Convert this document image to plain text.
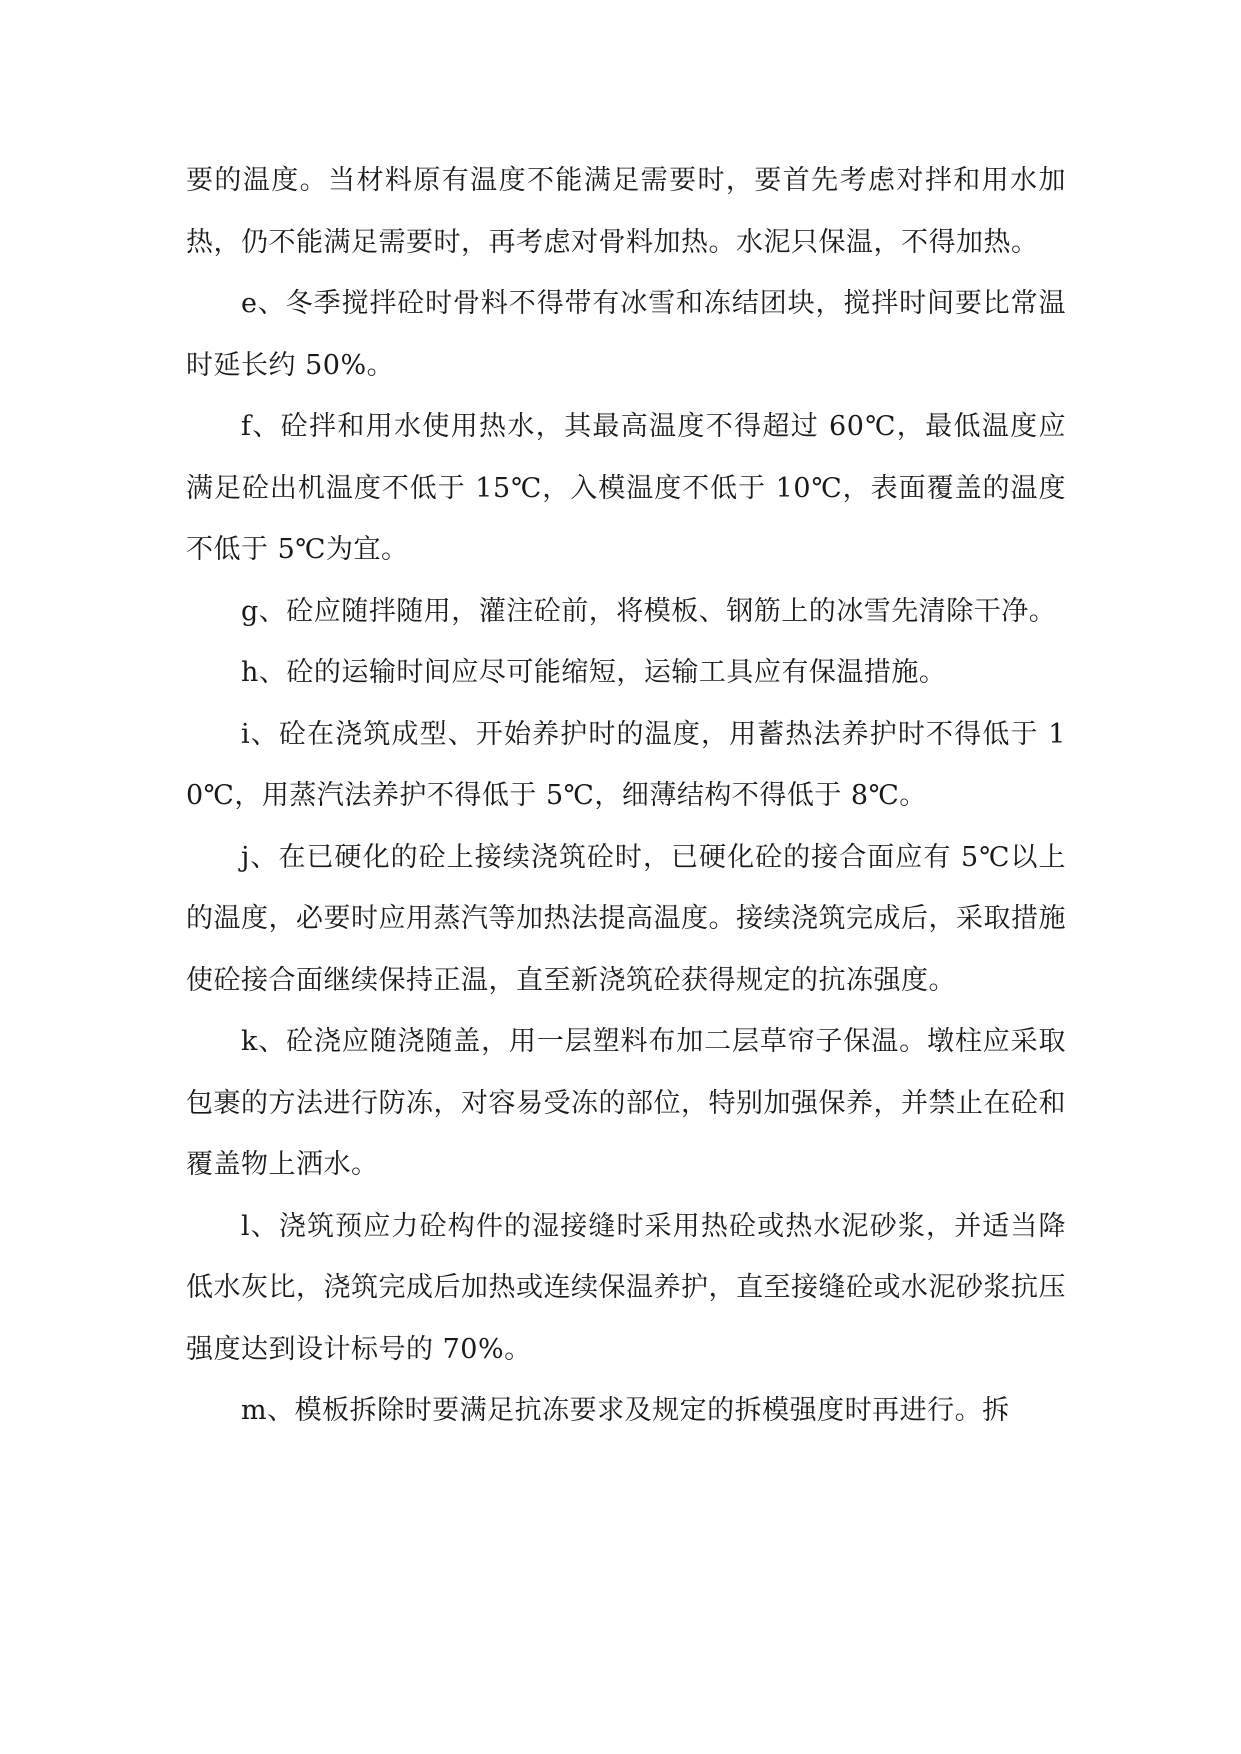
要的温度。当材料原有温度不能满足需要时，要首先考虑对拌和用水加热，仍不能满足需要时，再考虑对骨料加热。水泥只保温，不得加热。

e、冬季搅拌砼时骨料不得带有冰雪和冻结团块，搅拌时间要比常温时延长约 50%。

f、砼拌和用水使用热水，其最高温度不得超过 60℃，最低温度应满足砼出机温度不低于 15℃，入模温度不低于 10℃，表面覆盖的温度不低于 5℃为宜。

g、砼应随拌随用，灌注砼前，将模板、钢筋上的冰雪先清除干净。

h、砼的运输时间应尽可能缩短，运输工具应有保温措施。

i、砼在浇筑成型、开始养护时的温度，用蓄热法养护时不得低于 10℃，用蒸汽法养护不得低于 5℃，细薄结构不得低于 8℃。

j、在已硬化的砼上接续浇筑砼时，已硬化砼的接合面应有 5℃以上的温度，必要时应用蒸汽等加热法提高温度。接续浇筑完成后，采取措施使砼接合面继续保持正温，直至新浇筑砼获得规定的抗冻强度。

k、砼浇应随浇随盖，用一层塑料布加二层草帘子保温。墩柱应采取包裹的方法进行防冻，对容易受冻的部位，特别加强保养，并禁止在砼和覆盖物上洒水。

l、浇筑预应力砼构件的湿接缝时采用热砼或热水泥砂浆，并适当降低水灰比，浇筑完成后加热或连续保温养护，直至接缝砼或水泥砂浆抗压强度达到设计标号的 70%。

m、模板拆除时要满足抗冻要求及规定的拆模强度时再进行。拆
